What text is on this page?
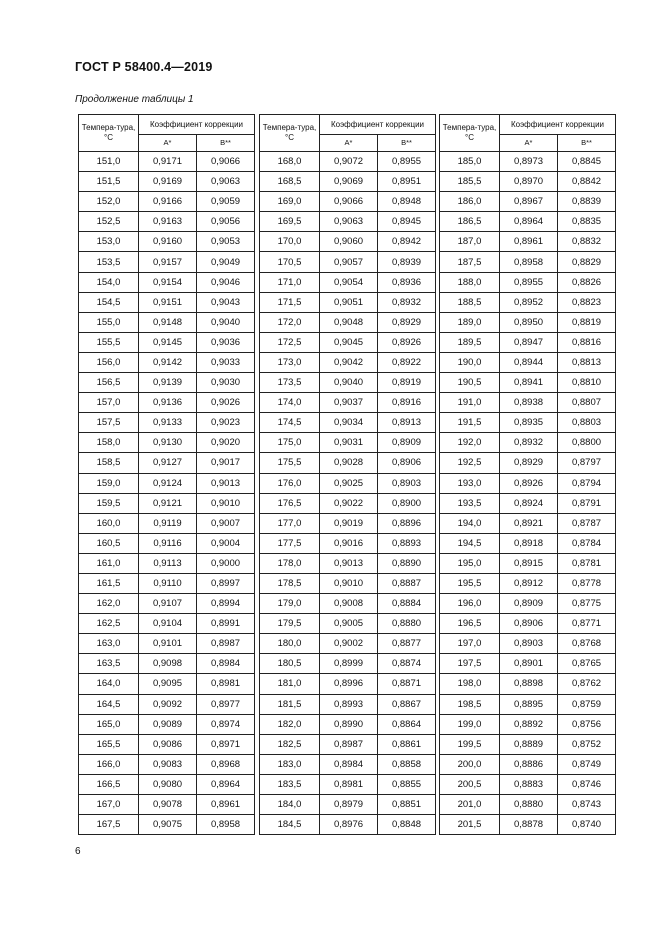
ГОСТ Р 58400.4—2019
Продолжение таблицы 1
Темпера-тура, °С	Коэффициент коррекции	
	A*	B**
151,0	0,9171	0,9066
151,5	0,9169	0,9063
152,0	0,9166	0,9059
152,5	0,9163	0,9056
153,0	0,9160	0,9053
153,5	0,9157	0,9049
154,0	0,9154	0,9046
154,5	0,9151	0,9043
155,0	0,9148	0,9040
155,5	0,9145	0,9036
156,0	0,9142	0,9033
156,5	0,9139	0,9030
157,0	0,9136	0,9026
157,5	0,9133	0,9023
158,0	0,9130	0,9020
158,5	0,9127	0,9017
159,0	0,9124	0,9013
159,5	0,9121	0,9010
160,0	0,9119	0,9007
160,5	0,9116	0,9004
161,0	0,9113	0,9000
161,5	0,9110	0,8997
162,0	0,9107	0,8994
162,5	0,9104	0,8991
163,0	0,9101	0,8987
163,5	0,9098	0,8984
164,0	0,9095	0,8981
164,5	0,9092	0,8977
165,0	0,9089	0,8974
165,5	0,9086	0,8971
166,0	0,9083	0,8968
166,5	0,9080	0,8964
167,0	0,9078	0,8961
167,5	0,9075	0,8958
Темпера-тура, °С	Коэффициент коррекции	
	A*	B**
168,0	0,9072	0,8955
168,5	0,9069	0,8951
169,0	0,9066	0,8948
169,5	0,9063	0,8945
170,0	0,9060	0,8942
170,5	0,9057	0,8939
171,0	0,9054	0,8936
171,5	0,9051	0,8932
172,0	0,9048	0,8929
172,5	0,9045	0,8926
173,0	0,9042	0,8922
173,5	0,9040	0,8919
174,0	0,9037	0,8916
174,5	0,9034	0,8913
175,0	0,9031	0,8909
175,5	0,9028	0,8906
176,0	0,9025	0,8903
176,5	0,9022	0,8900
177,0	0,9019	0,8896
177,5	0,9016	0,8893
178,0	0,9013	0,8890
178,5	0,9010	0,8887
179,0	0,9008	0,8884
179,5	0,9005	0,8880
180,0	0,9002	0,8877
180,5	0,8999	0,8874
181,0	0,8996	0,8871
181,5	0,8993	0,8867
182,0	0,8990	0,8864
182,5	0,8987	0,8861
183,0	0,8984	0,8858
183,5	0,8981	0,8855
184,0	0,8979	0,8851
184,5	0,8976	0,8848
Темпера-тура, °С	Коэффициент коррекции	
	A*	B**
185,0	0,8973	0,8845
185,5	0,8970	0,8842
186,0	0,8967	0,8839
186,5	0,8964	0,8835
187,0	0,8961	0,8832
187,5	0,8958	0,8829
188,0	0,8955	0,8826
188,5	0,8952	0,8823
189,0	0,8950	0,8819
189,5	0,8947	0,8816
190,0	0,8944	0,8813
190,5	0,8941	0,8810
191,0	0,8938	0,8807
191,5	0,8935	0,8803
192,0	0,8932	0,8800
192,5	0,8929	0,8797
193,0	0,8926	0,8794
193,5	0,8924	0,8791
194,0	0,8921	0,8787
194,5	0,8918	0,8784
195,0	0,8915	0,8781
195,5	0,8912	0,8778
196,0	0,8909	0,8775
196,5	0,8906	0,8771
197,0	0,8903	0,8768
197,5	0,8901	0,8765
198,0	0,8898	0,8762
198,5	0,8895	0,8759
199,0	0,8892	0,8756
199,5	0,8889	0,8752
200,0	0,8886	0,8749
200,5	0,8883	0,8746
201,0	0,8880	0,8743
201,5	0,8878	0,8740
6
